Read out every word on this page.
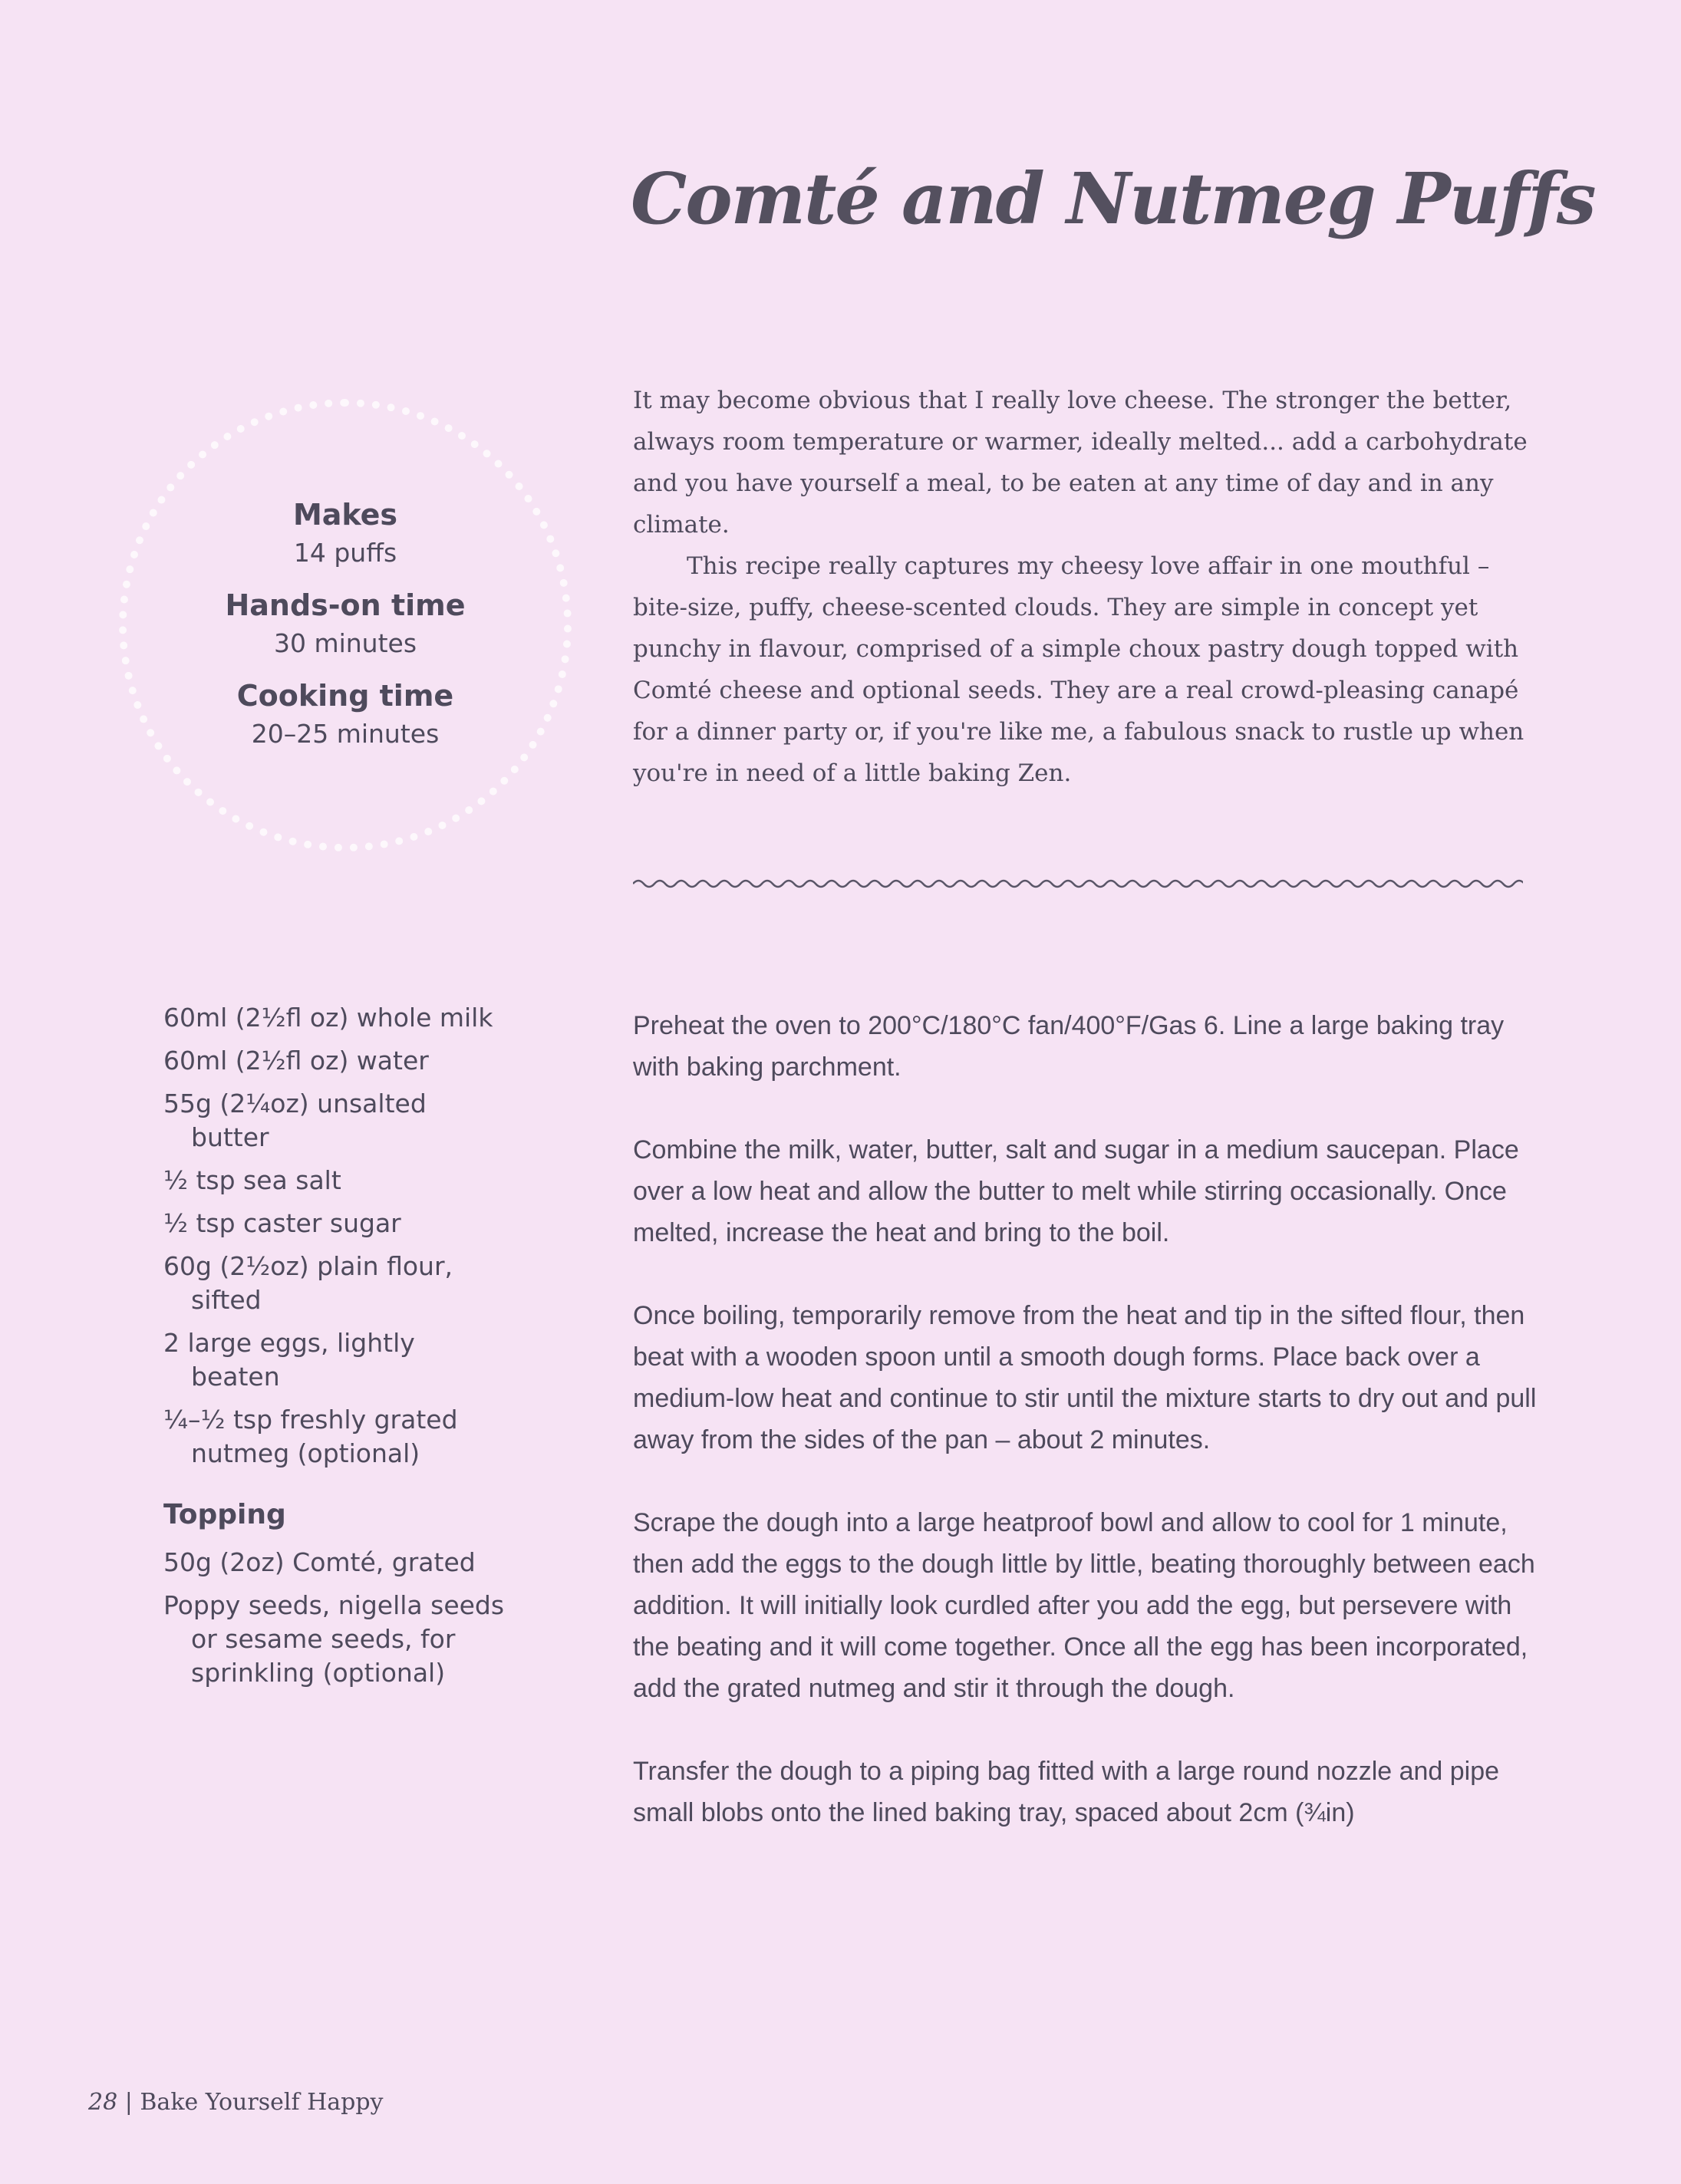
Comté and Nutmeg Puffs
Makes
14 puffs
Hands-on time
30 minutes
Cooking time
20–25 minutes

It may become obvious that I really love cheese. The stronger the better, always room temperature or warmer, ideally melted... add a carbohydrate and you have yourself a meal, to be eaten at any time of day and in any climate.

This recipe really captures my cheesy love affair in one mouthful – bite-size, puffy, cheese-scented clouds. They are simple in concept yet punchy in flavour, comprised of a simple choux pastry dough topped with Comté cheese and optional seeds. They are a real crowd-pleasing canapé for a dinner party or, if you're like me, a fabulous snack to rustle up when you're in need of a little baking Zen.

60ml (2½fl oz) whole milk
60ml (2½fl oz) water
55g (2¼oz) unsalted butter
½ tsp sea salt
½ tsp caster sugar
60g (2½oz) plain flour, sifted
2 large eggs, lightly beaten
¼–½ tsp freshly grated nutmeg (optional)
Topping
50g (2oz) Comté, grated
Poppy seeds, nigella seeds or sesame seeds, for sprinkling (optional)

Preheat the oven to 200°C/180°C fan/400°F/Gas 6. Line a large baking tray with baking parchment.

Combine the milk, water, butter, salt and sugar in a medium saucepan. Place over a low heat and allow the butter to melt while stirring occasionally. Once melted, increase the heat and bring to the boil.

Once boiling, temporarily remove from the heat and tip in the sifted flour, then beat with a wooden spoon until a smooth dough forms. Place back over a medium-low heat and continue to stir until the mixture starts to dry out and pull away from the sides of the pan – about 2 minutes.

Scrape the dough into a large heatproof bowl and allow to cool for 1 minute, then add the eggs to the dough little by little, beating thoroughly between each addition. It will initially look curdled after you add the egg, but persevere with the beating and it will come together. Once all the egg has been incorporated, add the grated nutmeg and stir it through the dough.

Transfer the dough to a piping bag fitted with a large round nozzle and pipe small blobs onto the lined baking tray, spaced about 2cm (¾in)

28 | Bake Yourself Happy
